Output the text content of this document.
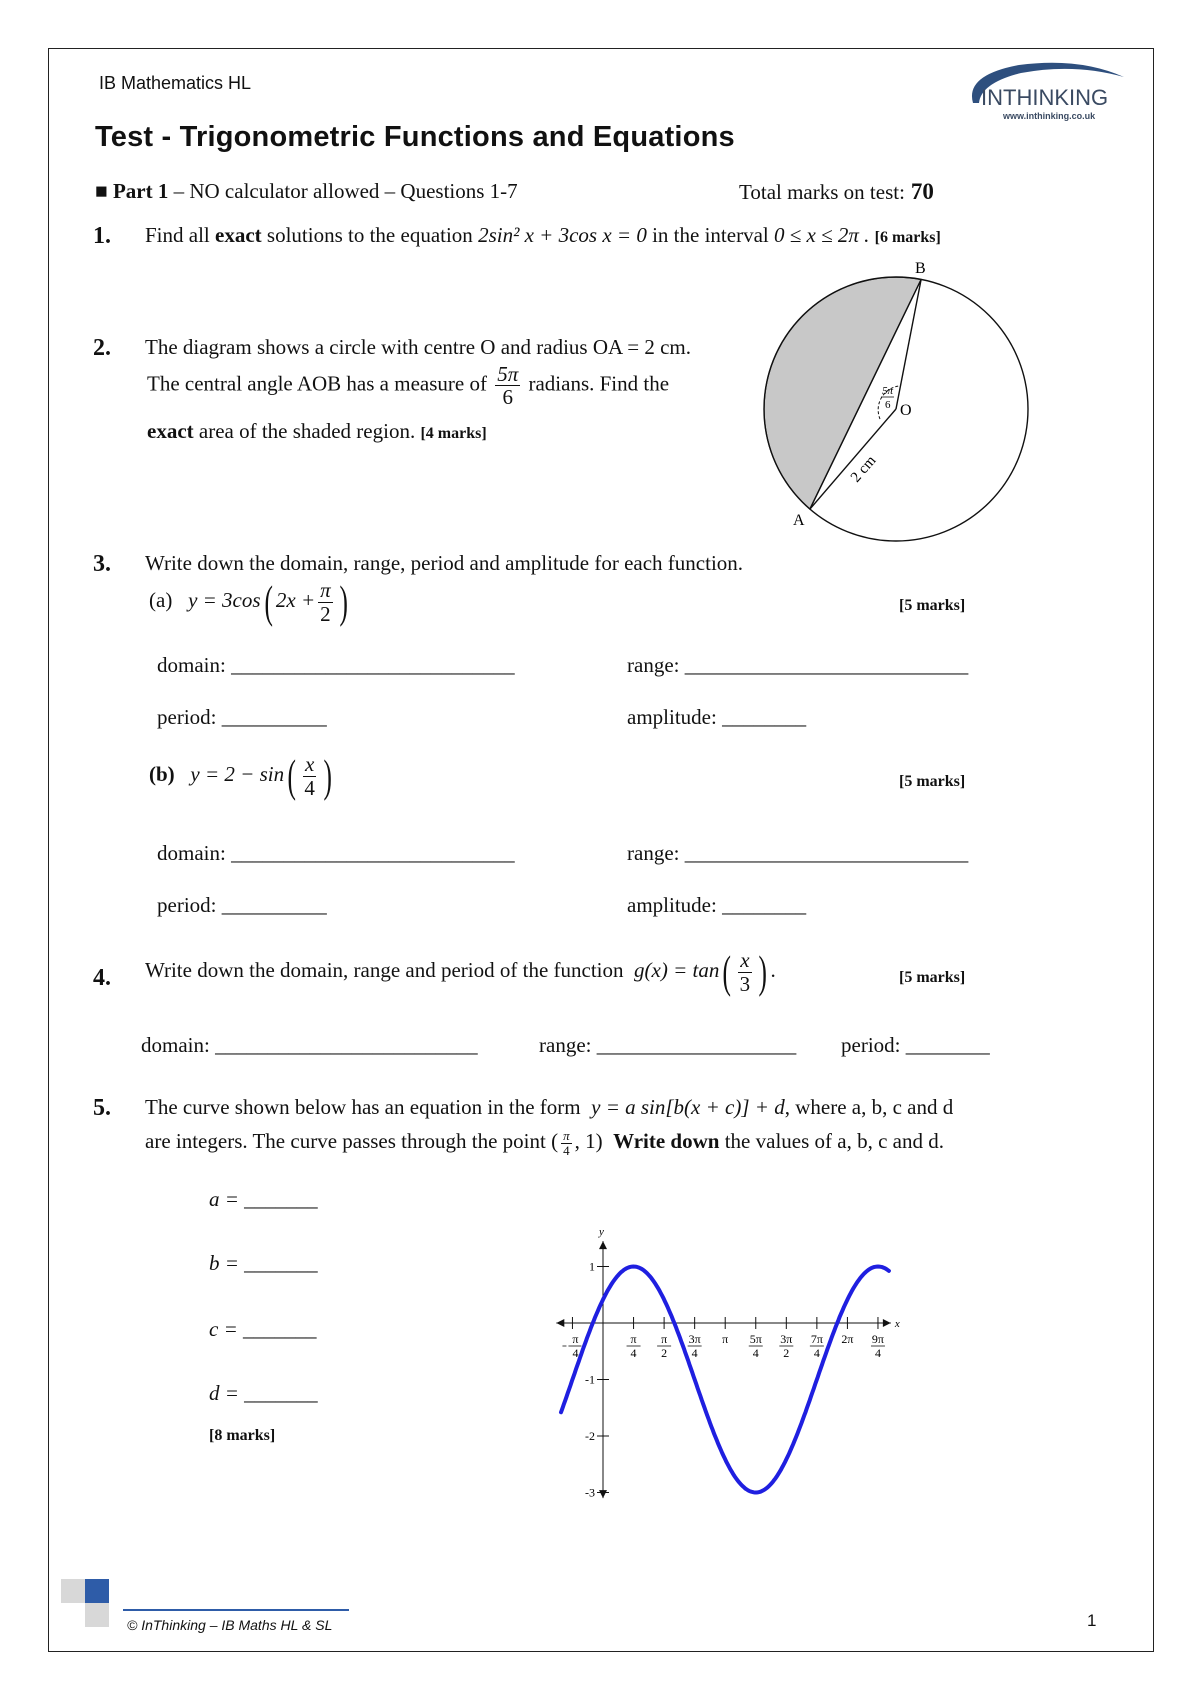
IB Mathematics HL
INTHINKING
www.inthinking.co.uk
Test - Trigonometric Functions and Equations
■ Part 1 – NO calculator allowed – Questions 1-7	Total marks on test: 70
1. Find all exact solutions to the equation 2sin² x + 3cos x = 0 in the interval 0 ≤ x ≤ 2π . [6 marks]
2. The diagram shows a circle with centre O and radius OA = 2 cm.
The central angle AOB has a measure of $\frac{5\pi}{6}$ radians. Find the
exact area of the shaded region. [4 marks]
5π
6 O
B
A
2 cm
3. Write down the domain, range, period and amplitude for each function.
(a) y = 3cos( $2x + \frac{\pi}{2}$ )	[5 marks]
domain: ___________________________	range: ___________________________
period: __________	amplitude: ________
(b) $y = 2 - \sin( \frac{x}{4}$ )	[5 marks]
domain: ___________________________	range: ___________________________
period: __________	amplitude: ________
4. Write down the domain, range and period of the function $g(x) = \tan( \frac{x}{3}$ ) .	[5 marks]
domain: _________________________	range: ___________________ period: ________
5. The curve shown below has an equation in the form y = a sin[b(x + c)] + d, where a, b, c and d
are integers. The curve passes through the point ( $\frac{\pi}{4}$ , 1)  Write down the values of a, b, c and d.
a = _______
b = _______
c = _______
d = _______
[8 marks]
π
4
π
4
π
2
3π
4
π 5π
4
3π
2
7π
4
2π 9π
4
1
-1
-2
-3
x
y
© InThinking – IB Maths HL & SL	1
